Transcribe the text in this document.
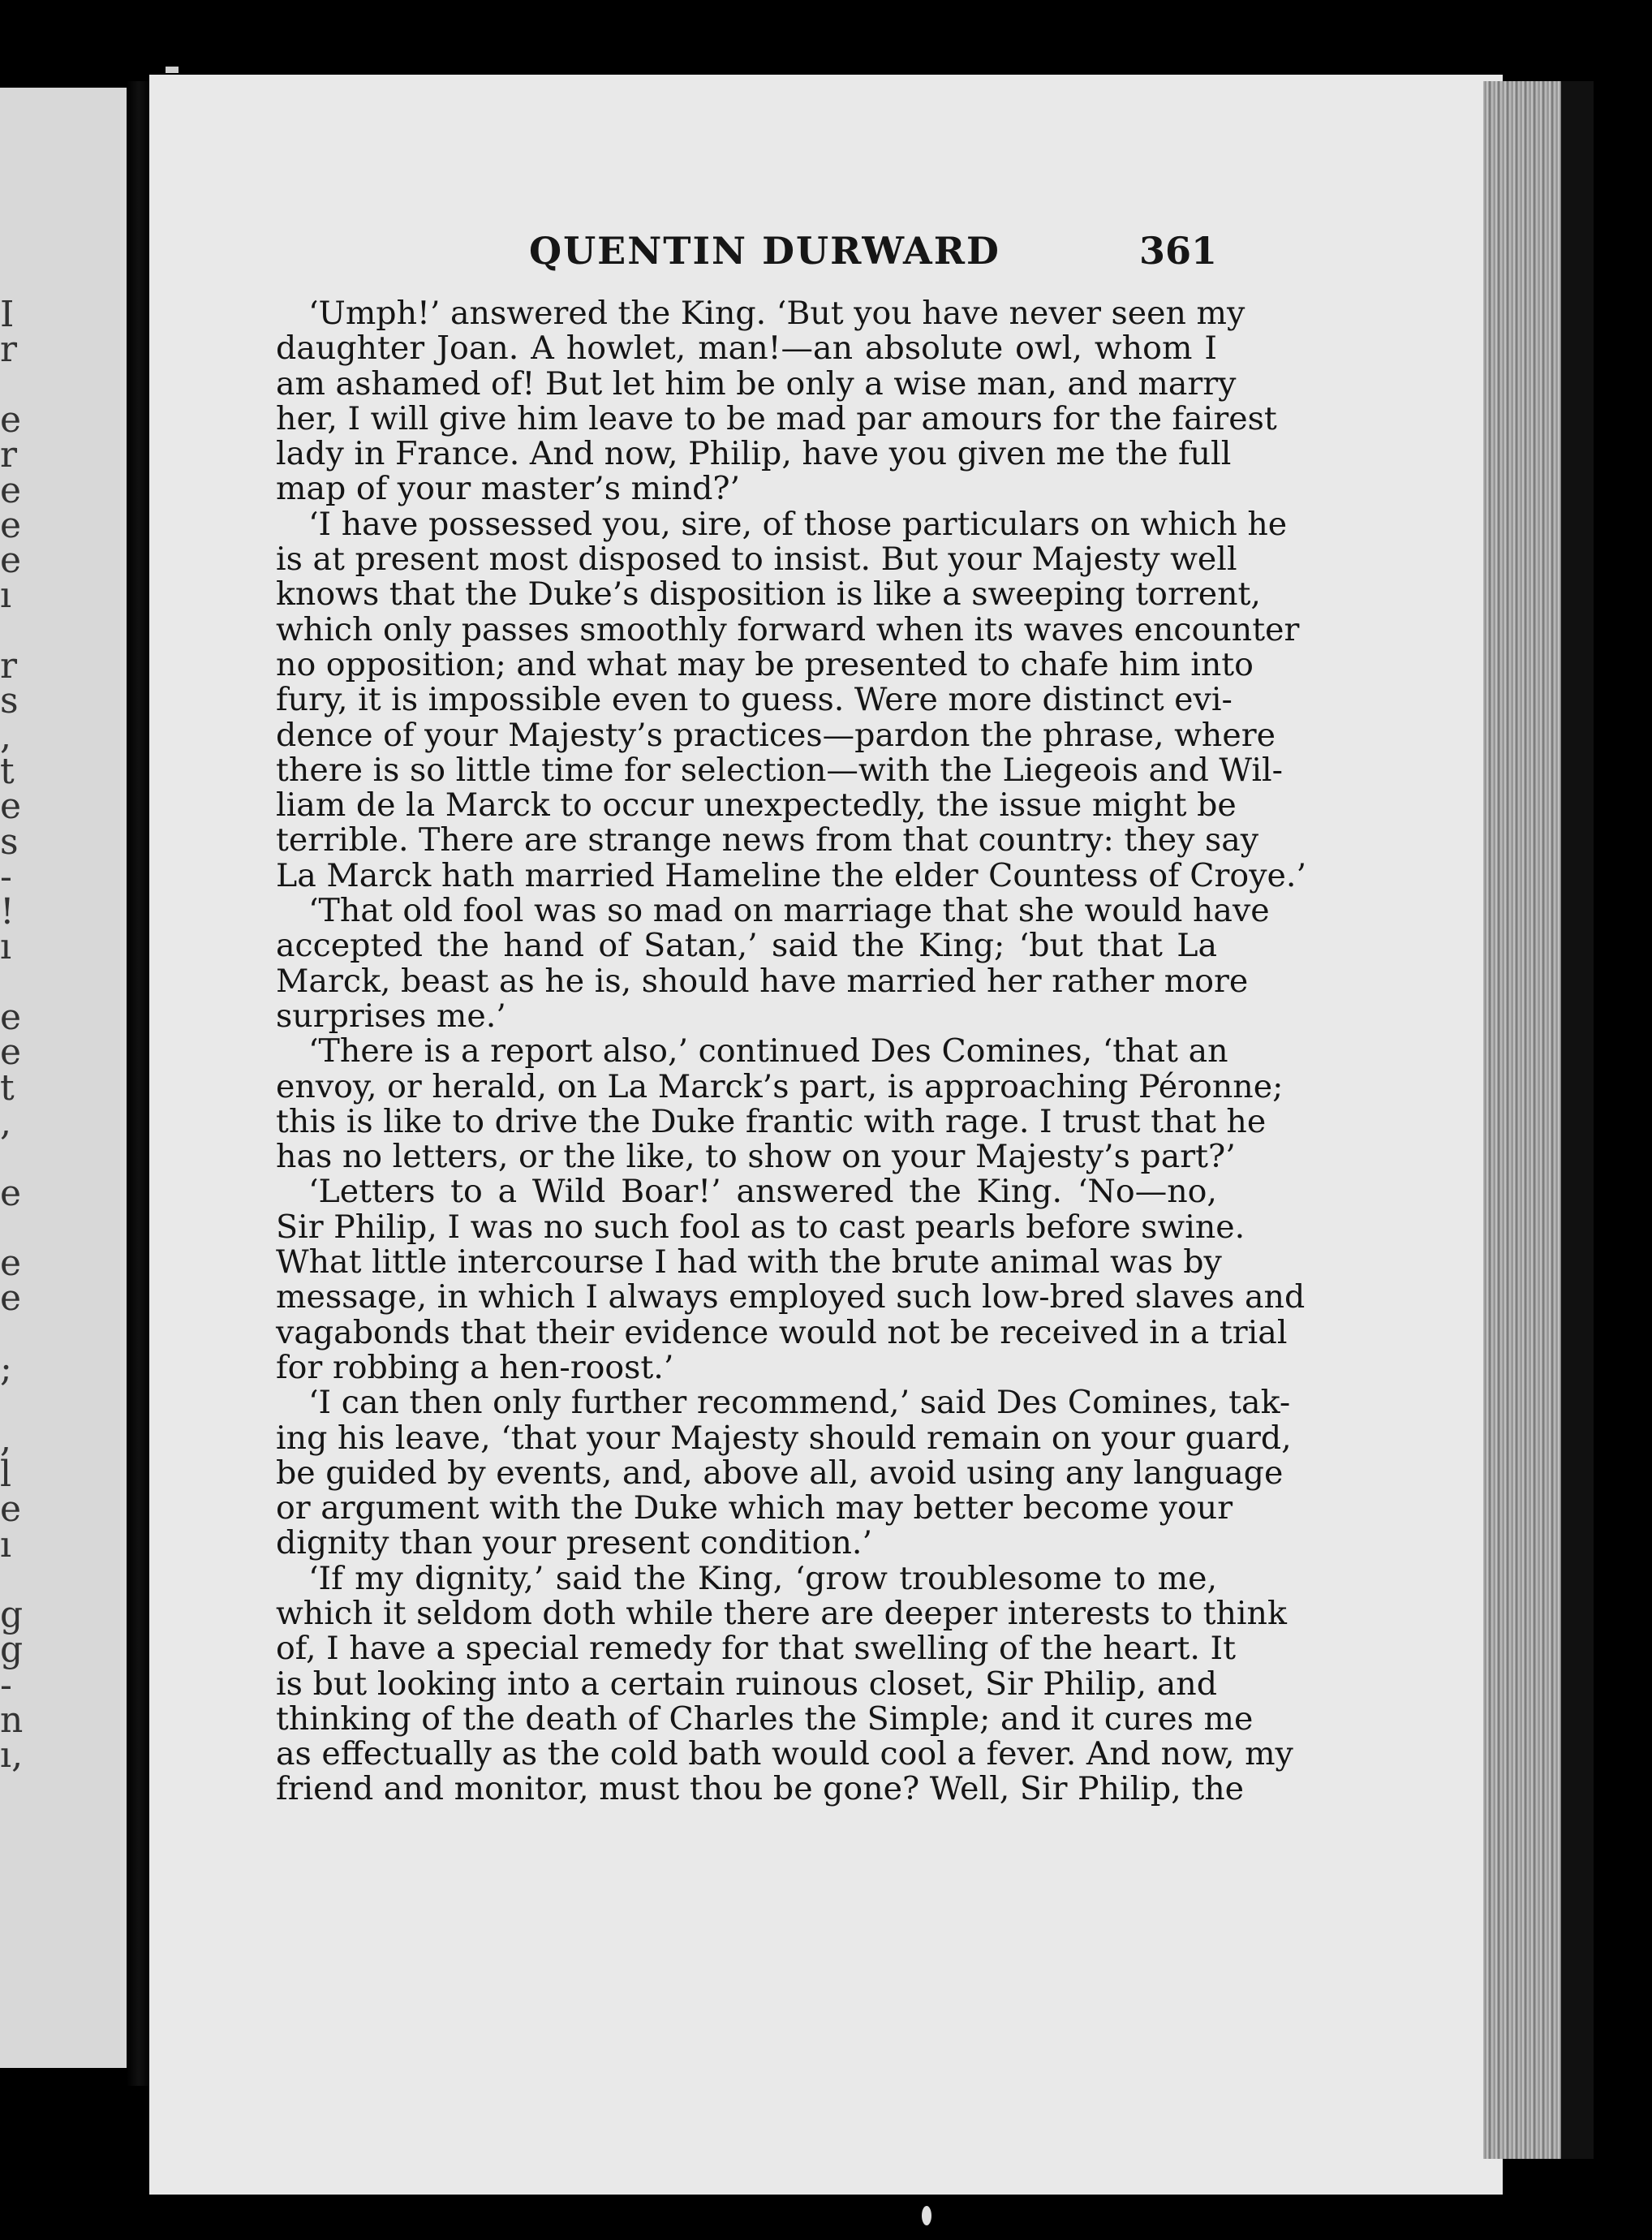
I
r
e
r
e
e
e
ı
r
s
,
t
e
s
-
!
ı
e
e
t
,
e
e
e
;
,
l
e
ı
g
g
-
n
ı,
QUENTIN DURWARD	361
‘Umph!’ answered the King. ‘But you have never seen my
daughter Joan. A howlet, man!—an absolute owl, whom I
am ashamed of! But let him be only a wise man, and marry
her, I will give him leave to be mad par amours for the fairest
lady in France. And now, Philip, have you given me the full
map of your master’s mind?’
‘I have possessed you, sire, of those particulars on which he
is at present most disposed to insist. But your Majesty well
knows that the Duke’s disposition is like a sweeping torrent,
which only passes smoothly forward when its waves encounter
no opposition; and what may be presented to chafe him into
fury, it is impossible even to guess. Were more distinct evi-
dence of your Majesty’s practices—pardon the phrase, where
there is so little time for selection—with the Liegeois and Wil-
liam de la Marck to occur unexpectedly, the issue might be
terrible. There are strange news from that country: they say
La Marck hath married Hameline the elder Countess of Croye.’
‘That old fool was so mad on marriage that she would have
accepted the hand of Satan,’ said the King; ‘but that La
Marck, beast as he is, should have married her rather more
surprises me.’
‘There is a report also,’ continued Des Comines, ‘that an
envoy, or herald, on La Marck’s part, is approaching Péronne;
this is like to drive the Duke frantic with rage. I trust that he
has no letters, or the like, to show on your Majesty’s part?’
‘Letters to a Wild Boar!’ answered the King. ‘No—no,
Sir Philip, I was no such fool as to cast pearls before swine.
What little intercourse I had with the brute animal was by
message, in which I always employed such low-bred slaves and
vagabonds that their evidence would not be received in a trial
for robbing a hen-roost.’
‘I can then only further recommend,’ said Des Comines, tak-
ing his leave, ‘that your Majesty should remain on your guard,
be guided by events, and, above all, avoid using any language
or argument with the Duke which may better become your
dignity than your present condition.’
‘If my dignity,’ said the King, ‘grow troublesome to me,
which it seldom doth while there are deeper interests to think
of, I have a special remedy for that swelling of the heart. It
is but looking into a certain ruinous closet, Sir Philip, and
thinking of the death of Charles the Simple; and it cures me
as effectually as the cold bath would cool a fever. And now, my
friend and monitor, must thou be gone? Well, Sir Philip, the
